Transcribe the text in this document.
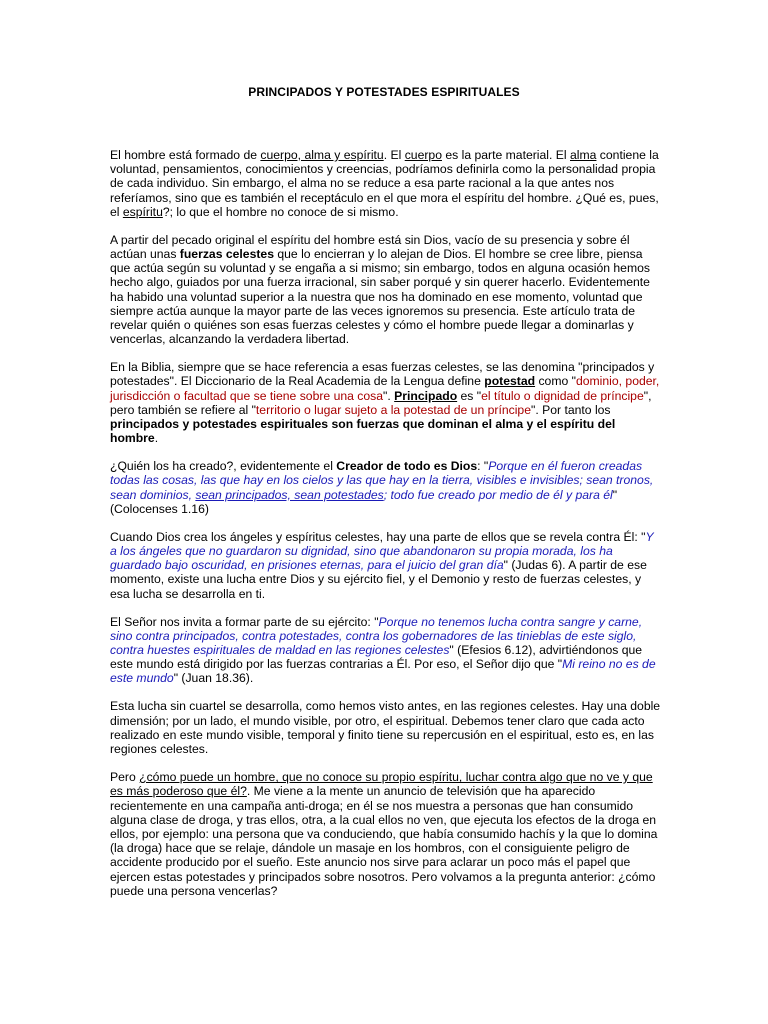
PRINCIPADOS Y POTESTADES ESPIRITUALES

El hombre está formado de cuerpo, alma y espíritu. El cuerpo es la parte material. El alma contiene la voluntad, pensamientos, conocimientos y creencias, podríamos definirla como la personalidad propia de cada individuo. Sin embargo, el alma no se reduce a esa parte racional a la que antes nos referíamos, sino que es también el receptáculo en el que mora el espíritu del hombre. ¿Qué es, pues, el espíritu?; lo que el hombre no conoce de si mismo.

A partir del pecado original el espíritu del hombre está sin Dios, vacío de su presencia y sobre él actúan unas fuerzas celestes que lo encierran y lo alejan de Dios. El hombre se cree libre, piensa que actúa según su voluntad y se engaña a si mismo; sin embargo, todos en alguna ocasión hemos hecho algo, guiados por una fuerza irracional, sin saber porqué y sin querer hacerlo. Evidentemente ha habido una voluntad superior a la nuestra que nos ha dominado en ese momento, voluntad que siempre actúa aunque la mayor parte de las veces ignoremos su presencia. Este artículo trata de revelar quién o quiénes son esas fuerzas celestes y cómo el hombre puede llegar a dominarlas y vencerlas, alcanzando la verdadera libertad.

En la Biblia, siempre que se hace referencia a esas fuerzas celestes, se las denomina "principados y potestades". El Diccionario de la Real Academia de la Lengua define potestad como "dominio, poder, jurisdicción o facultad que se tiene sobre una cosa". Principado es "el título o dignidad de príncipe", pero también se refiere al "territorio o lugar sujeto a la potestad de un príncipe". Por tanto los principados y potestades espirituales son fuerzas que dominan el alma y el espíritu del hombre.

¿Quién los ha creado?, evidentemente el Creador de todo es Dios: "Porque en él fueron creadas todas las cosas, las que hay en los cielos y las que hay en la tierra, visibles e invisibles; sean tronos, sean dominios, sean principados, sean potestades; todo fue creado por medio de él y para él" (Colocenses 1.16)

Cuando Dios crea los ángeles y espíritus celestes, hay una parte de ellos que se revela contra Él: "Y a los ángeles que no guardaron su dignidad, sino que abandonaron su propia morada, los ha guardado bajo oscuridad, en prisiones eternas, para el juicio del gran día" (Judas 6). A partir de ese momento, existe una lucha entre Dios y su ejército fiel, y el Demonio y resto de fuerzas celestes, y esa lucha se desarrolla en ti.

El Señor nos invita a formar parte de su ejército: "Porque no tenemos lucha contra sangre y carne, sino contra principados, contra potestades, contra los gobernadores de las tinieblas de este siglo, contra huestes espirituales de maldad en las regiones celestes" (Efesios 6.12), advirtiéndonos que este mundo está dirigido por las fuerzas contrarias a Él. Por eso, el Señor dijo que "Mi reino no es de este mundo" (Juan 18.36).

Esta lucha sin cuartel se desarrolla, como hemos visto antes, en las regiones celestes. Hay una doble dimensión; por un lado, el mundo visible, por otro, el espiritual. Debemos tener claro que cada acto realizado en este mundo visible, temporal y finito tiene su repercusión en el espiritual, esto es, en las regiones celestes.

Pero ¿cómo puede un hombre, que no conoce su propio espíritu, luchar contra algo que no ve y que es más poderoso que él?. Me viene a la mente un anuncio de televisión que ha aparecido recientemente en una campaña anti-droga; en él se nos muestra a personas que han consumido alguna clase de droga, y tras ellos, otra, a la cual ellos no ven, que ejecuta los efectos de la droga en ellos, por ejemplo: una persona que va conduciendo, que había consumido hachís y la que lo domina (la droga) hace que se relaje, dándole un masaje en los hombros, con el consiguiente peligro de accidente producido por el sueño. Este anuncio nos sirve para aclarar un poco más el papel que ejercen estas potestades y principados sobre nosotros. Pero volvamos a la pregunta anterior: ¿cómo puede una persona vencerlas?
